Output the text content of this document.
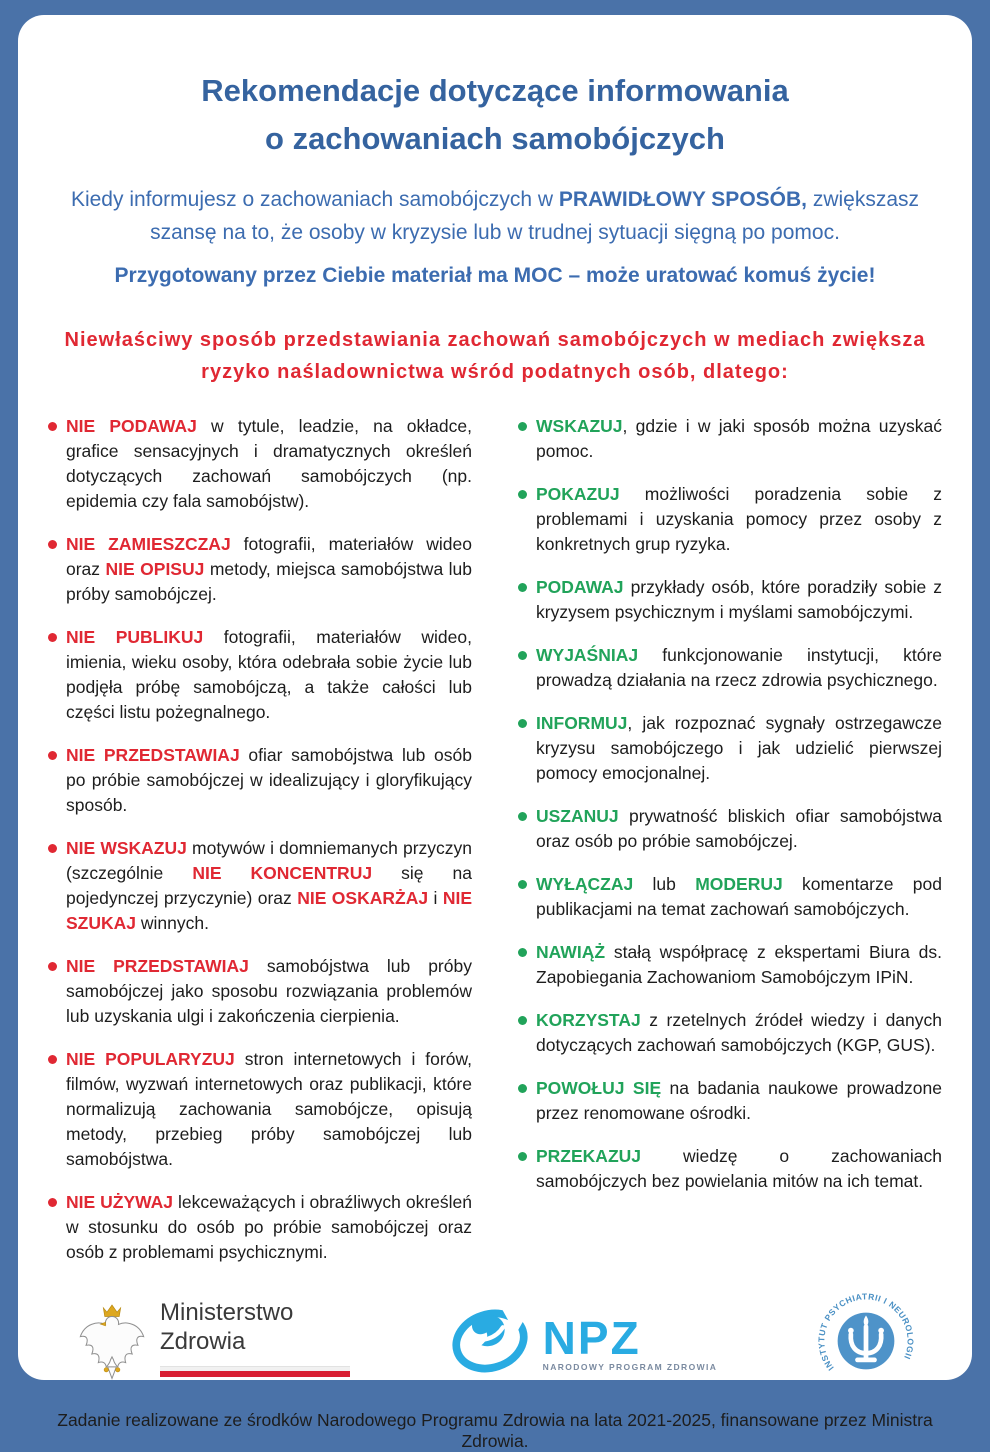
Rekomendacje dotyczące informowania
o zachowaniach samobójczych
Kiedy informujesz o zachowaniach samobójczych w PRAWIDŁOWY SPOSÓB, zwiększasz szansę na to, że osoby w kryzysie lub w trudnej sytuacji sięgną po pomoc.
Przygotowany przez Ciebie materiał ma MOC – może uratować komuś życie!
Niewłaściwy sposób przedstawiania zachowań samobójczych w mediach zwiększa ryzyko naśladownictwa wśród podatnych osób, dlatego:
NIE PODAWAJ w tytule, leadzie, na okładce, grafice sensacyjnych i dramatycznych określeń dotyczących zachowań samobójczych (np. epidemia czy fala samobójstw).
NIE ZAMIESZCZAJ fotografii, materiałów wideo oraz NIE OPISUJ metody, miejsca samobójstwa lub próby samobójczej.
NIE PUBLIKUJ fotografii, materiałów wideo, imienia, wieku osoby, która odebrała sobie życie lub podjęła próbę samobójczą, a także całości lub części listu pożegnalnego.
NIE PRZEDSTAWIAJ ofiar samobójstwa lub osób po próbie samobójczej w idealizujący i gloryfikujący sposób.
NIE WSKAZUJ motywów i domniemanych przyczyn (szczególnie NIE KONCENTRUJ się na pojedynczej przyczynie) oraz NIE OSKARŻAJ i NIE SZUKAJ winnych.
NIE PRZEDSTAWIAJ samobójstwa lub próby samobójczej jako sposobu rozwiązania problemów lub uzyskania ulgi i zakończenia cierpienia.
NIE POPULARYZUJ stron internetowych i forów, filmów, wyzwań internetowych oraz publikacji, które normalizują zachowania samobójcze, opisują metody, przebieg próby samobójczej lub samobójstwa.
NIE UŻYWAJ lekceważących i obraźliwych określeń w stosunku do osób po próbie samobójczej oraz osób z problemami psychicznymi.
WSKAZUJ, gdzie i w jaki sposób można uzyskać pomoc.
POKAZUJ możliwości poradzenia sobie z problemami i uzyskania pomocy przez osoby z konkretnych grup ryzyka.
PODAWAJ przykłady osób, które poradziły sobie z kryzysem psychicznym i myślami samobójczymi.
WYJAŚNIAJ funkcjonowanie instytucji, które prowadzą działania na rzecz zdrowia psychicznego.
INFORMUJ, jak rozpoznać sygnały ostrzegawcze kryzysu samobójczego i jak udzielić pierwszej pomocy emocjonalnej.
USZANUJ prywatność bliskich ofiar samobójstwa oraz osób po próbie samobójczej.
WYŁĄCZAJ lub MODERUJ komentarze pod publikacjami na temat zachowań samobójczych.
NAWIĄŻ stałą współpracę z ekspertami Biura ds. Zapobiegania Zachowaniom Samobójczym IPiN.
KORZYSTAJ z rzetelnych źródeł wiedzy i danych dotyczących zachowań samobójczych (KGP, GUS).
POWOŁUJ SIĘ na badania naukowe prowadzone przez renomowane ośrodki.
PRZEKAZUJ wiedzę o zachowaniach samobójczych bez powielania mitów na ich temat.
Ministerstwo
Zdrowia	NPZ
NARODOWY PROGRAM ZDROWIA	INSTYTUT PSYCHIATRII I NEUROLOGII
Zadanie realizowane ze środków Narodowego Programu Zdrowia na lata 2021-2025, finansowane przez Ministra Zdrowia.
